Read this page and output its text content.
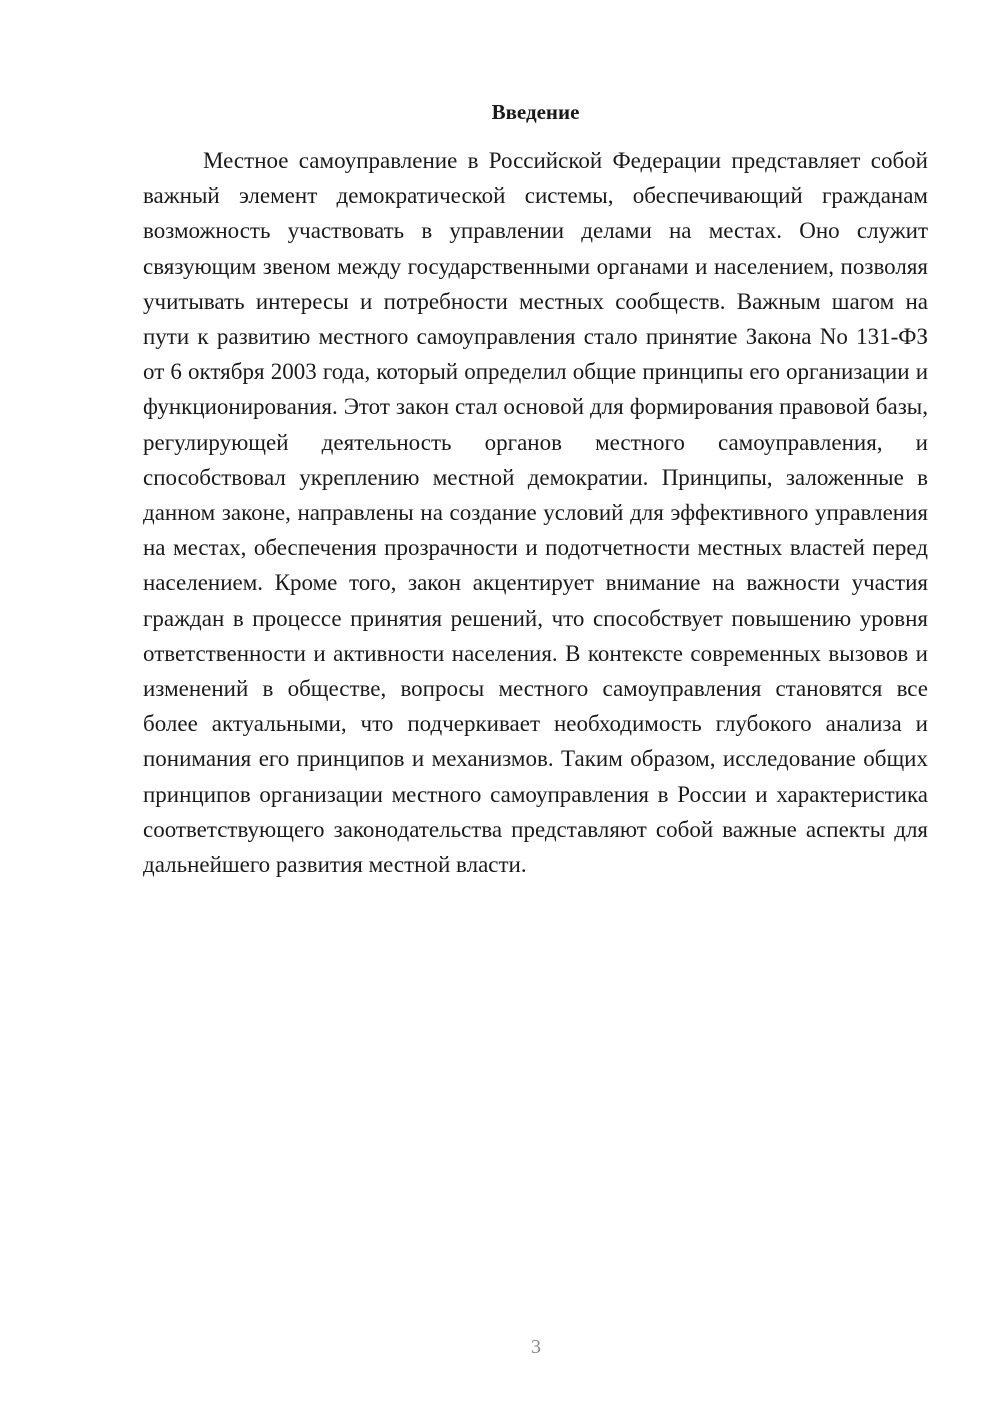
Введение

Местное самоуправление в Российской Федерации представляет собой важный элемент демократической системы, обеспечивающий гражданам возможность участвовать в управлении делами на местах. Оно служит связующим звеном между государственными органами и населением, позволяя учитывать интересы и потребности местных сообществ. Важным шагом на пути к развитию местного самоуправления стало принятие Закона No 131-ФЗ от 6 октября 2003 года, который определил общие принципы его организации и функционирования. Этот закон стал основой для формирования правовой базы, регулирующей деятельность органов местного самоуправления, и способствовал укреплению местной демократии. Принципы, заложенные в данном законе, направлены на создание условий для эффективного управления на местах, обеспечения прозрачности и подотчетности местных властей перед населением. Кроме того, закон акцентирует внимание на важности участия граждан в процессе принятия решений, что способствует повышению уровня ответственности и активности населения. В контексте современных вызовов и изменений в обществе, вопросы местного самоуправления становятся все более актуальными, что подчеркивает необходимость глубокого анализа и понимания его принципов и механизмов. Таким образом, исследование общих принципов организации местного самоуправления в России и характеристика соответствующего законодательства представляют собой важные аспекты для дальнейшего развития местной власти.

3
